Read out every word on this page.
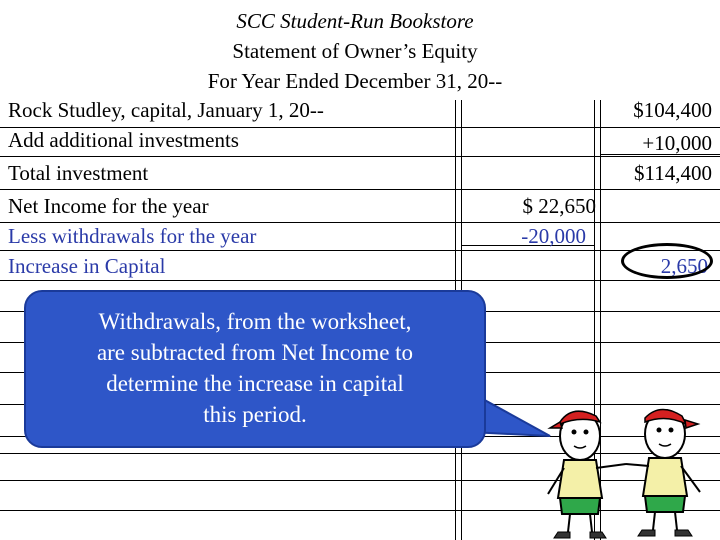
SCC Student-Run Bookstore
Statement of Owner’s Equity
For Year Ended December 31, 20--
Rock Studley, capital, January 1, 20--	$104,400
Add additional investments	+10,000
Total investment	$114,400
Net Income for the year	$ 22,650
Less withdrawals for the year	-20,000
Increase in Capital	2,650
Withdrawals, from the worksheet,
are subtracted from Net Income to
determine the increase in capital
this period.
